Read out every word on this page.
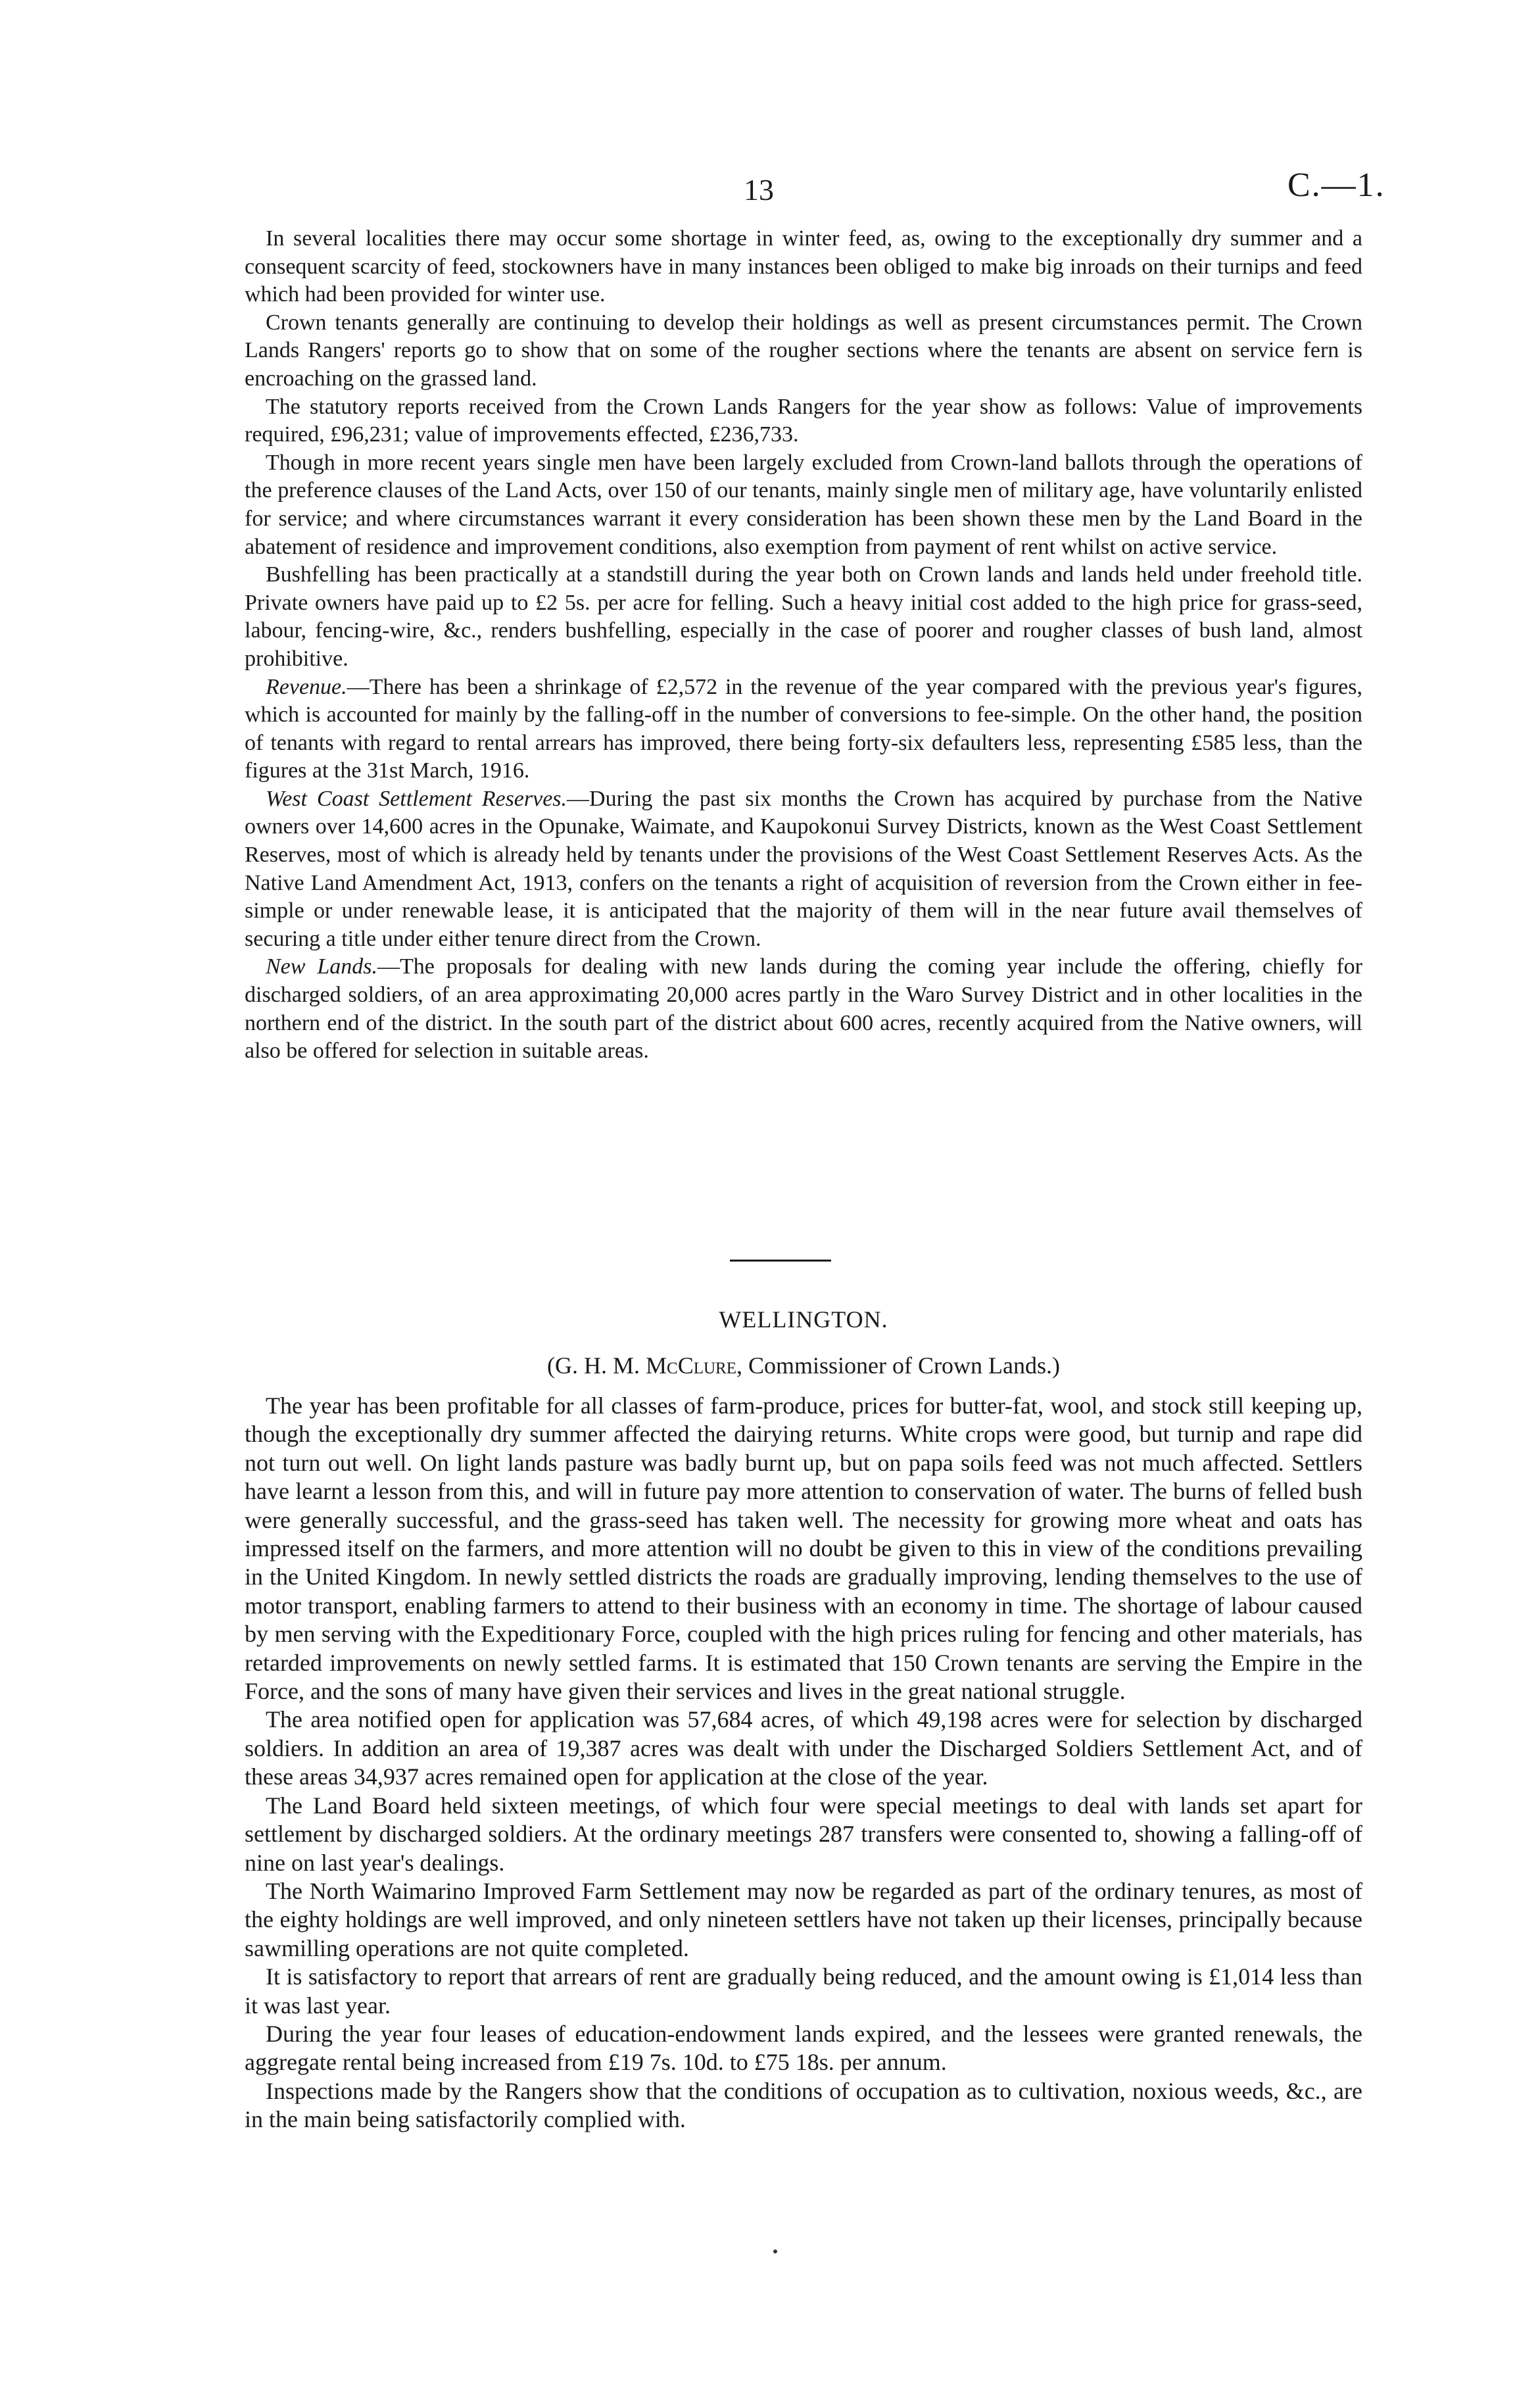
13	C.—1.

In several localities there may occur some shortage in winter feed, as, owing to the exceptionally dry summer and a consequent scarcity of feed, stockowners have in many instances been obliged to make big inroads on their turnips and feed which had been provided for winter use.

Crown tenants generally are continuing to develop their holdings as well as present circumstances permit. The Crown Lands Rangers' reports go to show that on some of the rougher sections where the tenants are absent on service fern is encroaching on the grassed land.

The statutory reports received from the Crown Lands Rangers for the year show as follows: Value of improvements required, £96,231; value of improvements effected, £236,733.

Though in more recent years single men have been largely excluded from Crown-land ballots through the operations of the preference clauses of the Land Acts, over 150 of our tenants, mainly single men of military age, have voluntarily enlisted for service; and where circumstances warrant it every consideration has been shown these men by the Land Board in the abatement of residence and improvement conditions, also exemption from payment of rent whilst on active service.

Bushfelling has been practically at a standstill during the year both on Crown lands and lands held under freehold title. Private owners have paid up to £2 5s. per acre for felling. Such a heavy initial cost added to the high price for grass-seed, labour, fencing-wire, &c., renders bushfelling, especially in the case of poorer and rougher classes of bush land, almost prohibitive.

Revenue.—There has been a shrinkage of £2,572 in the revenue of the year compared with the previous year's figures, which is accounted for mainly by the falling-off in the number of conversions to fee-simple. On the other hand, the position of tenants with regard to rental arrears has improved, there being forty-six defaulters less, representing £585 less, than the figures at the 31st March, 1916.

West Coast Settlement Reserves.—During the past six months the Crown has acquired by purchase from the Native owners over 14,600 acres in the Opunake, Waimate, and Kaupokonui Survey Districts, known as the West Coast Settlement Reserves, most of which is already held by tenants under the provisions of the West Coast Settlement Reserves Acts. As the Native Land Amendment Act, 1913, confers on the tenants a right of acquisition of reversion from the Crown either in fee-simple or under renewable lease, it is anticipated that the majority of them will in the near future avail themselves of securing a title under either tenure direct from the Crown.

New Lands.—The proposals for dealing with new lands during the coming year include the offering, chiefly for discharged soldiers, of an area approximating 20,000 acres partly in the Waro Survey District and in other localities in the northern end of the district. In the south part of the district about 600 acres, recently acquired from the Native owners, will also be offered for selection in suitable areas.

WELLINGTON.
(G. H. M. McClure, Commissioner of Crown Lands.)

The year has been profitable for all classes of farm-produce, prices for butter-fat, wool, and stock still keeping up, though the exceptionally dry summer affected the dairying returns. White crops were good, but turnip and rape did not turn out well. On light lands pasture was badly burnt up, but on papa soils feed was not much affected. Settlers have learnt a lesson from this, and will in future pay more attention to conservation of water. The burns of felled bush were generally successful, and the grass-seed has taken well. The necessity for growing more wheat and oats has impressed itself on the farmers, and more attention will no doubt be given to this in view of the conditions prevailing in the United Kingdom. In newly settled districts the roads are gradually improving, lending themselves to the use of motor transport, enabling farmers to attend to their business with an economy in time. The shortage of labour caused by men serving with the Expeditionary Force, coupled with the high prices ruling for fencing and other materials, has retarded improvements on newly settled farms. It is estimated that 150 Crown tenants are serving the Empire in the Force, and the sons of many have given their services and lives in the great national struggle.

The area notified open for application was 57,684 acres, of which 49,198 acres were for selection by discharged soldiers. In addition an area of 19,387 acres was dealt with under the Discharged Soldiers Settlement Act, and of these areas 34,937 acres remained open for application at the close of the year.

The Land Board held sixteen meetings, of which four were special meetings to deal with lands set apart for settlement by discharged soldiers. At the ordinary meetings 287 transfers were consented to, showing a falling-off of nine on last year's dealings.

The North Waimarino Improved Farm Settlement may now be regarded as part of the ordinary tenures, as most of the eighty holdings are well improved, and only nineteen settlers have not taken up their licenses, principally because sawmilling operations are not quite completed.

It is satisfactory to report that arrears of rent are gradually being reduced, and the amount owing is £1,014 less than it was last year.

During the year four leases of education-endowment lands expired, and the lessees were granted renewals, the aggregate rental being increased from £19 7s. 10d. to £75 18s. per annum.

Inspections made by the Rangers show that the conditions of occupation as to cultivation, noxious weeds, &c., are in the main being satisfactorily complied with.
